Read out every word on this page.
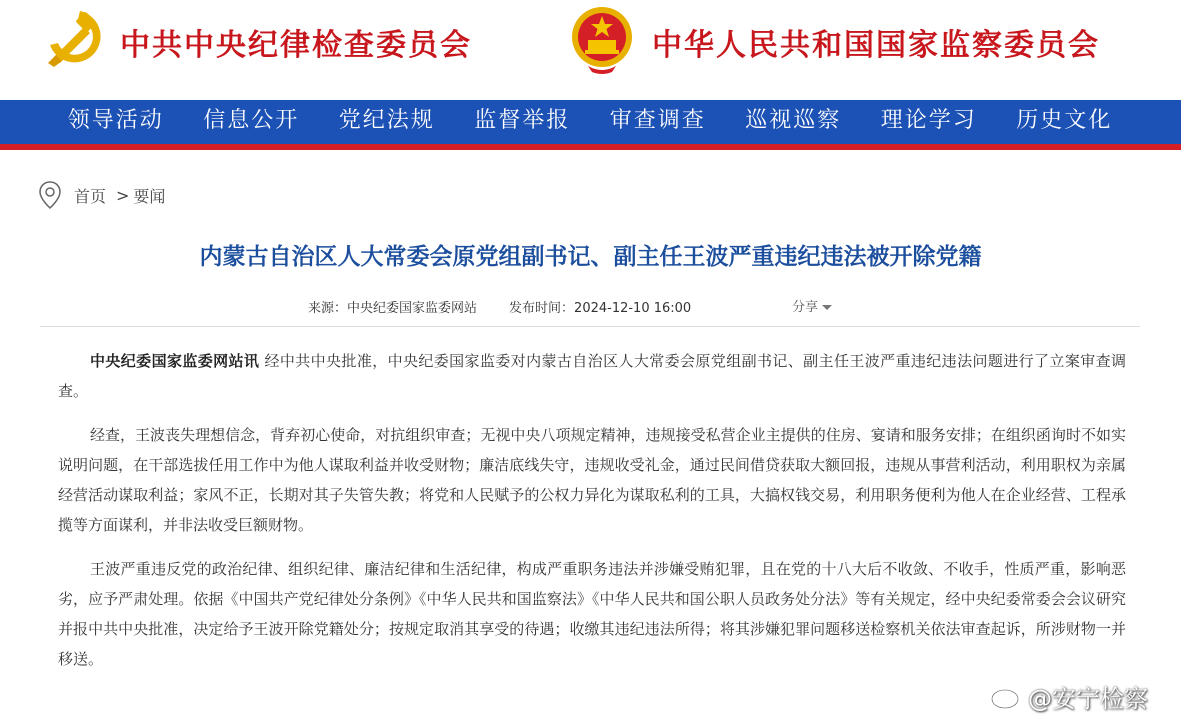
中共中央纪律检查委员会	中华人民共和国国家监察委员会
领导活动	信息公开	党纪法规	监督举报	审查调查	巡视巡察	理论学习	历史文化
首页 > 要闻
内蒙古自治区人大常委会原党组副书记、副主任王波严重违纪违法被开除党籍
来源：中央纪委国家监委网站 发布时间：2024-12-10 16:00	分享

中央纪委国家监委网站讯 经中共中央批准，中央纪委国家监委对内蒙古自治区人大常委会原党组副书记、副主任王波严重违纪违法问题进行了立案审查调查。

经查，王波丧失理想信念，背弃初心使命，对抗组织审查；无视中央八项规定精神，违规接受私营企业主提供的住房、宴请和服务安排；在组织函询时不如实说明问题，在干部选拔任用工作中为他人谋取利益并收受财物；廉洁底线失守，违规收受礼金，通过民间借贷获取大额回报，违规从事营利活动，利用职权为亲属经营活动谋取利益；家风不正，长期对其子失管失教；将党和人民赋予的公权力异化为谋取私利的工具，大搞权钱交易，利用职务便利为他人在企业经营、工程承揽等方面谋利，并非法收受巨额财物。

王波严重违反党的政治纪律、组织纪律、廉洁纪律和生活纪律，构成严重职务违法并涉嫌受贿犯罪，且在党的十八大后不收敛、不收手，性质严重，影响恶劣，应予严肃处理。依据《中国共产党纪律处分条例》《中华人民共和国监察法》《中华人民共和国公职人员政务处分法》等有关规定，经中央纪委常委会会议研究并报中共中央批准，决定给予王波开除党籍处分；按规定取消其享受的待遇；收缴其违纪违法所得；将其涉嫌犯罪问题移送检察机关依法审查起诉，所涉财物一并移送。

@安宁检察
